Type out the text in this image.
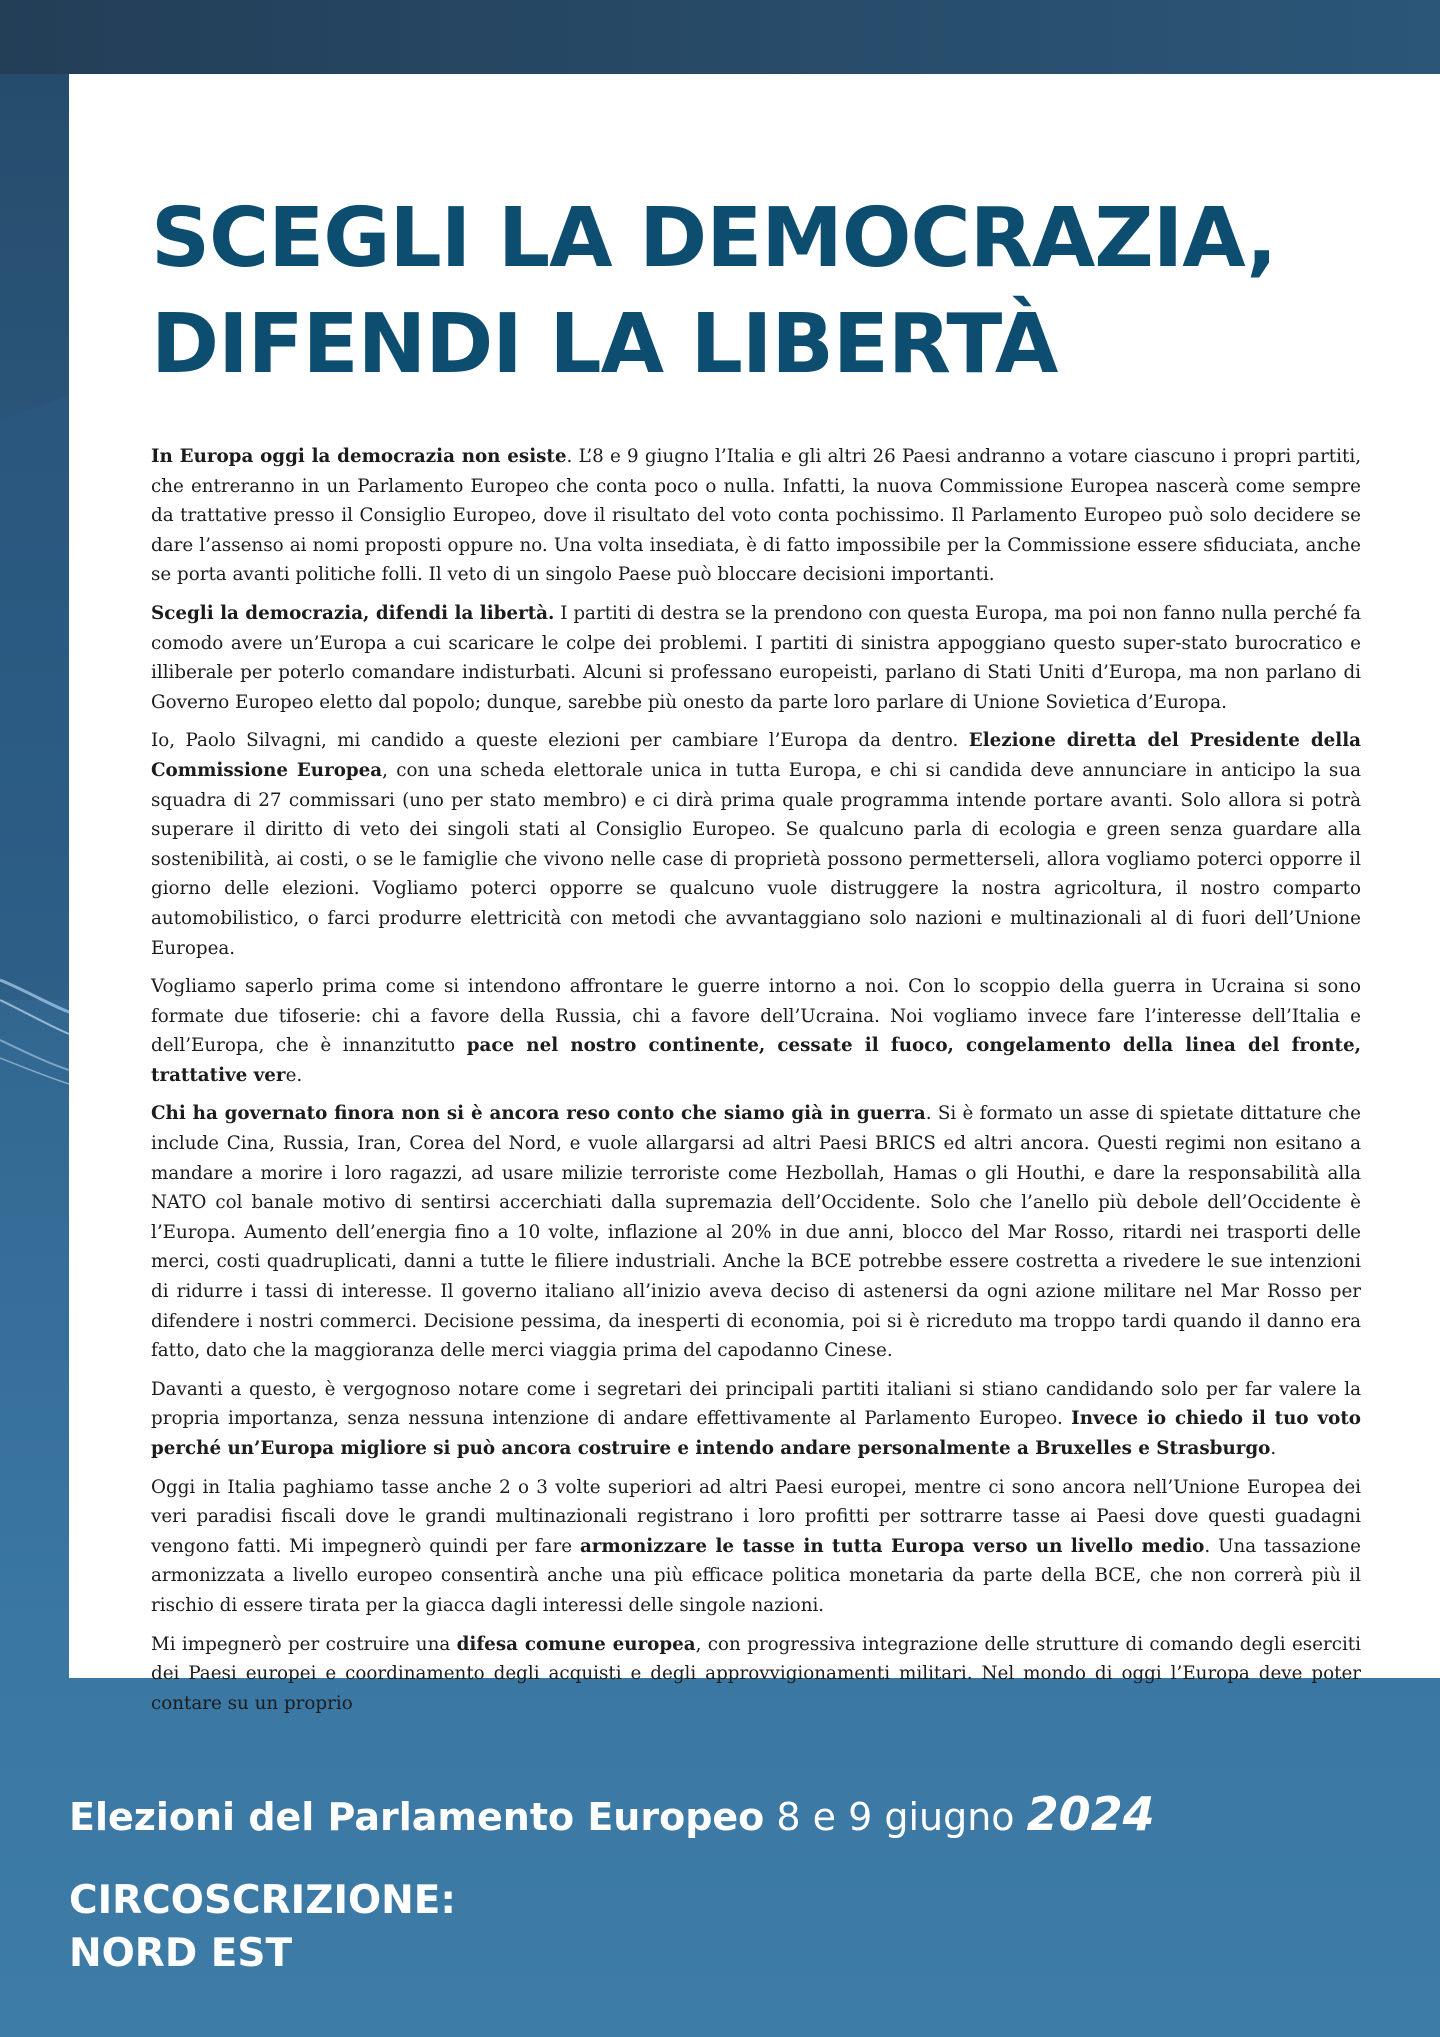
SCEGLI LA DEMOCRAZIA,
DIFENDI LA LIBERTÀ

In Europa oggi la democrazia non esiste. L’8 e 9 giugno l’Italia e gli altri 26 Paesi andranno a votare ciascuno i propri partiti, che entreranno in un Parlamento Europeo che conta poco o nulla. Infatti, la nuova Commissione Europea nascerà come sempre da trattative presso il Consiglio Europeo, dove il risultato del voto conta pochissimo. Il Parlamento Europeo può solo decidere se dare l’assenso ai nomi proposti oppure no. Una volta insediata, è di fatto impossibile per la Commissione essere sfiduciata, anche se porta avanti politiche folli. Il veto di un singolo Paese può bloccare decisioni importanti.

Scegli la democrazia, difendi la libertà. I partiti di destra se la prendono con questa Europa, ma poi non fanno nulla perché fa comodo avere un’Europa a cui scaricare le colpe dei problemi. I partiti di sinistra appoggiano questo super-stato burocratico e illiberale per poterlo comandare indisturbati. Alcuni si professano europeisti, parlano di Stati Uniti d’Europa, ma non parlano di Governo Europeo eletto dal popolo; dunque, sarebbe più onesto da parte loro parlare di Unione Sovietica d’Europa.

Io, Paolo Silvagni, mi candido a queste elezioni per cambiare l’Europa da dentro. Elezione diretta del Presidente della Commissione Europea, con una scheda elettorale unica in tutta Europa, e chi si candida deve annunciare in anticipo la sua squadra di 27 commissari (uno per stato membro) e ci dirà prima quale programma intende portare avanti. Solo allora si potrà superare il diritto di veto dei singoli stati al Consiglio Europeo. Se qualcuno parla di ecologia e green senza guardare alla sostenibilità, ai costi, o se le famiglie che vivono nelle case di proprietà possono permetterseli, allora vogliamo poterci opporre il giorno delle elezioni. Vogliamo poterci opporre se qualcuno vuole distruggere la nostra agricoltura, il nostro comparto automobilistico, o farci produrre elettricità con metodi che avvantaggiano solo nazioni e multinazionali al di fuori dell’Unione Europea.

Vogliamo saperlo prima come si intendono affrontare le guerre intorno a noi. Con lo scoppio della guerra in Ucraina si sono formate due tifoserie: chi a favore della Russia, chi a favore dell’Ucraina. Noi vogliamo invece fare l’interesse dell’Italia e dell’Europa, che è innanzitutto pace nel nostro continente, cessate il fuoco, congelamento della linea del fronte, trattative vere.

Chi ha governato finora non si è ancora reso conto che siamo già in guerra. Si è formato un asse di spietate dittature che include Cina, Russia, Iran, Corea del Nord, e vuole allargarsi ad altri Paesi BRICS ed altri ancora. Questi regimi non esitano a mandare a morire i loro ragazzi, ad usare milizie terroriste come Hezbollah, Hamas o gli Houthi, e dare la responsabilità alla NATO col banale motivo di sentirsi accerchiati dalla supremazia dell’Occidente. Solo che l’anello più debole dell’Occidente è l’Europa. Aumento dell’energia fino a 10 volte, inflazione al 20% in due anni, blocco del Mar Rosso, ritardi nei trasporti delle merci, costi quadruplicati, danni a tutte le filiere industriali. Anche la BCE potrebbe essere costretta a rivedere le sue intenzioni di ridurre i tassi di interesse. Il governo italiano all’inizio aveva deciso di astenersi da ogni azione militare nel Mar Rosso per difendere i nostri commerci. Decisione pessima, da inesperti di economia, poi si è ricreduto ma troppo tardi quando il danno era fatto, dato che la maggioranza delle merci viaggia prima del capodanno Cinese.

Davanti a questo, è vergognoso notare come i segretari dei principali partiti italiani si stiano candidando solo per far valere la propria importanza, senza nessuna intenzione di andare effettivamente al Parlamento Europeo. Invece io chiedo il tuo voto perché un’Europa migliore si può ancora costruire e intendo andare personalmente a Bruxelles e Strasburgo.

Oggi in Italia paghiamo tasse anche 2 o 3 volte superiori ad altri Paesi europei, mentre ci sono ancora nell’Unione Europea dei veri paradisi fiscali dove le grandi multinazionali registrano i loro profitti per sottrarre tasse ai Paesi dove questi guadagni vengono fatti. Mi impegnerò quindi per fare armonizzare le tasse in tutta Europa verso un livello medio. Una tassazione armonizzata a livello europeo consentirà anche una più efficace politica monetaria da parte della BCE, che non correrà più il rischio di essere tirata per la giacca dagli interessi delle singole nazioni.

Mi impegnerò per costruire una difesa comune europea, con progressiva integrazione delle strutture di comando degli eserciti dei Paesi europei e coordinamento degli acquisti e degli approvvigionamenti militari. Nel mondo di oggi l’Europa deve poter contare su un proprio

Elezioni del Parlamento Europeo 8 e 9 giugno 2024
CIRCOSCRIZIONE:
NORD EST
